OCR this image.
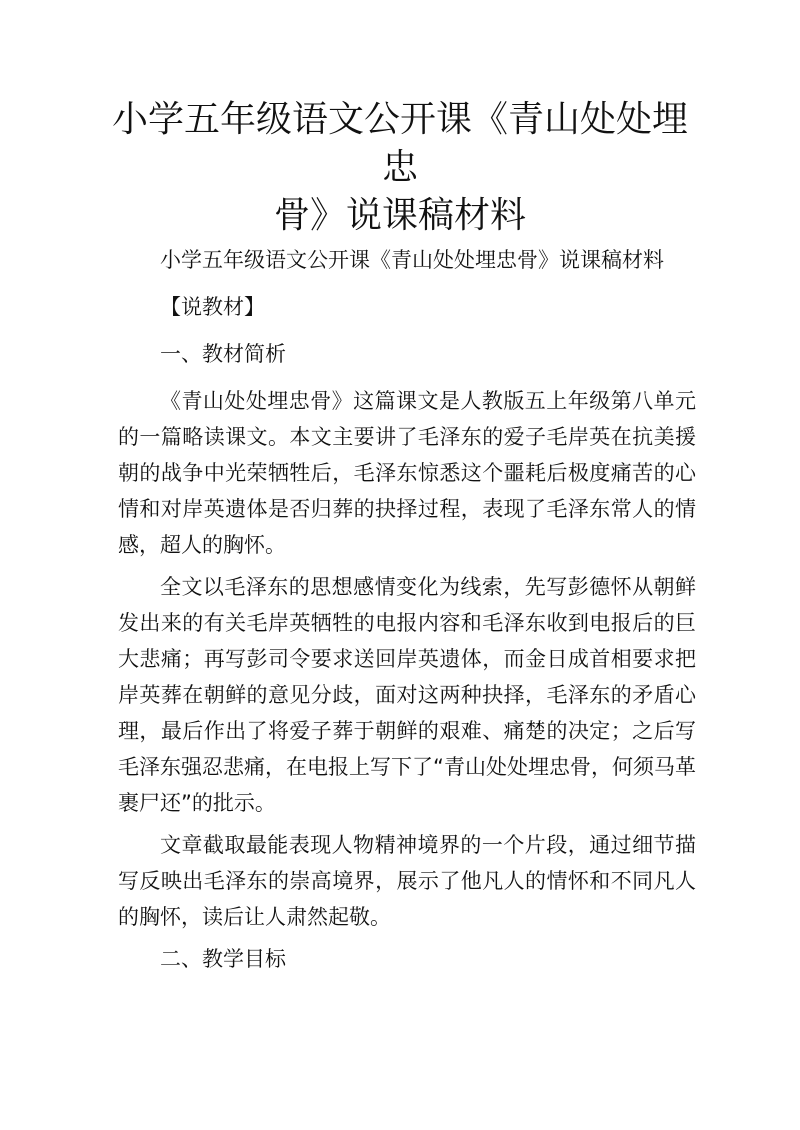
小学五年级语文公开课《青山处处埋忠
骨》说课稿材料

小学五年级语文公开课《青山处处埋忠骨》说课稿材料

【说教材】

一、教材简析

《青山处处埋忠骨》这篇课文是人教版五上年级第八单元的一篇略读课文。本文主要讲了毛泽东的爱子毛岸英在抗美援朝的战争中光荣牺牲后，毛泽东惊悉这个噩耗后极度痛苦的心情和对岸英遗体是否归葬的抉择过程，表现了毛泽东常人的情感，超人的胸怀。

全文以毛泽东的思想感情变化为线索，先写彭德怀从朝鲜发出来的有关毛岸英牺牲的电报内容和毛泽东收到电报后的巨大悲痛；再写彭司令要求送回岸英遗体，而金日成首相要求把岸英葬在朝鲜的意见分歧，面对这两种抉择，毛泽东的矛盾心理，最后作出了将爱子葬于朝鲜的艰难、痛楚的决定；之后写毛泽东强忍悲痛，在电报上写下了“青山处处埋忠骨，何须马革裹尸还”的批示。

文章截取最能表现人物精神境界的一个片段，通过细节描写反映出毛泽东的崇高境界，展示了他凡人的情怀和不同凡人的胸怀，读后让人肃然起敬。

二、教学目标
